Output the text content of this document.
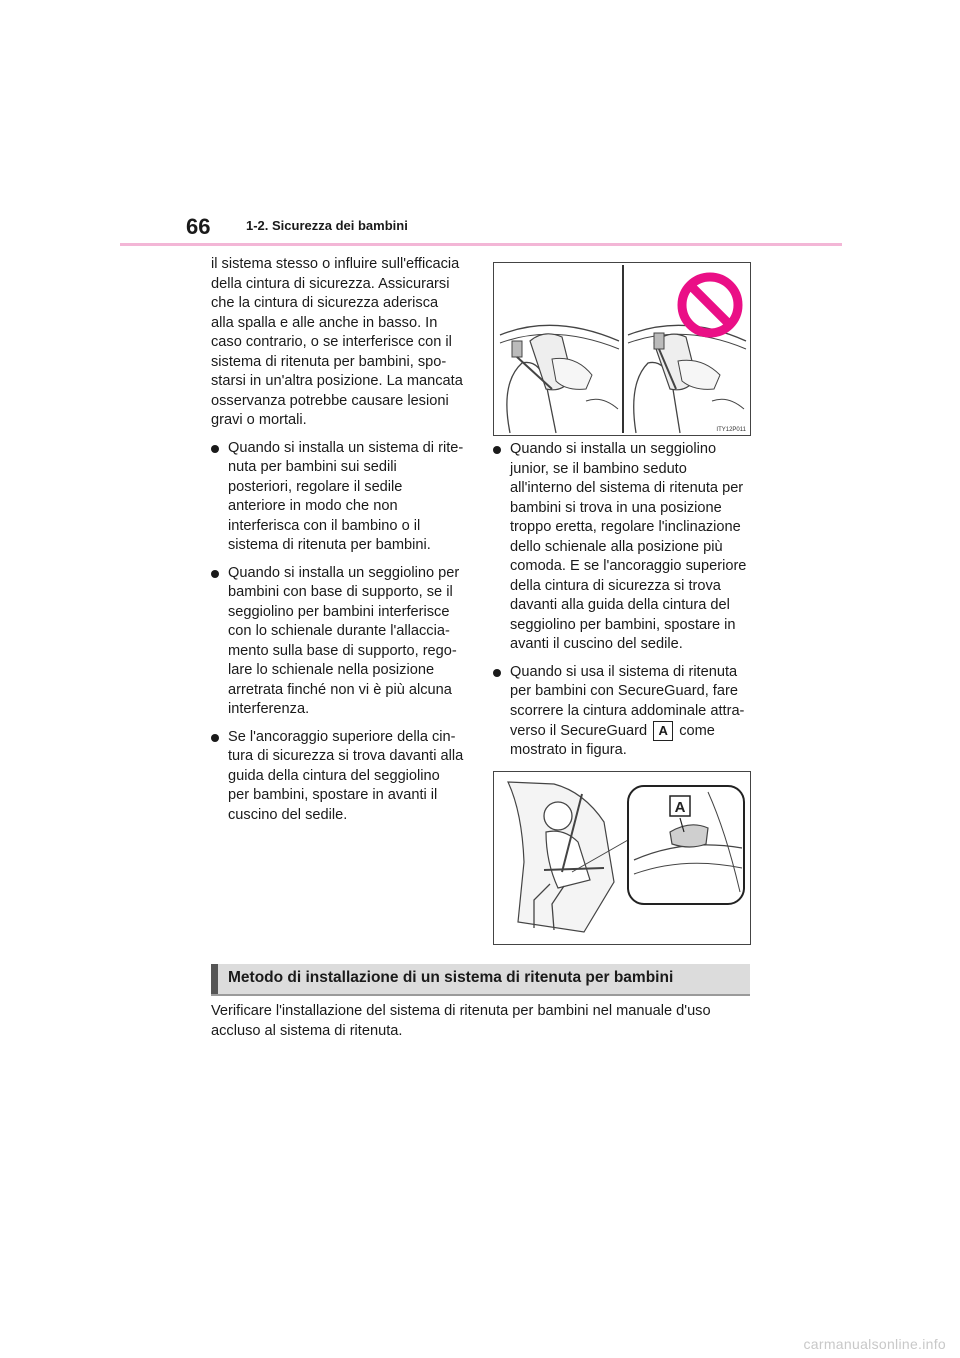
66	1-2. Sicurezza dei bambini

il sistema stesso o influire sull'efficacia della cintura di sicurezza. Assicurarsi che la cintura di sicurezza aderisca alla spalla e alle anche in basso. In caso contrario, o se interferisce con il sistema di ritenuta per bambini, spo-starsi in un'altra posizione. La mancata osservanza potrebbe causare lesioni gravi o mortali.

Quando si installa un sistema di rite-nuta per bambini sui sedili posteriori, regolare il sedile anteriore in modo che non interferisca con il bambino o il sistema di ritenuta per bambini.
Quando si installa un seggiolino per bambini con base di supporto, se il seggiolino per bambini interferisce con lo schienale durante l'allaccia-mento sulla base di supporto, rego-lare lo schienale nella posizione arretrata finché non vi è più alcuna interferenza.
Se l'ancoraggio superiore della cin-tura di sicurezza si trova davanti alla guida della cintura del seggiolino per bambini, spostare in avanti il cuscino del sedile.
ITY12P011
Quando si installa un seggiolino junior, se il bambino seduto all'interno del sistema di ritenuta per bambini si trova in una posizione troppo eretta, regolare l'inclinazione dello schienale alla posizione più comoda. E se l'ancoraggio superiore della cintura di sicurezza si trova davanti alla guida della cintura del seggiolino per bambini, spostare in avanti il cuscino del sedile.
Quando si usa il sistema di ritenuta per bambini con SecureGuard, fare scorrere la cintura addominale attra-verso il SecureGuard A come mostrato in figura.
A
Metodo di installazione di un sistema di ritenuta per bambini
Verificare l'installazione del sistema di ritenuta per bambini nel manuale d'uso accluso al sistema di ritenuta.
carmanualsonline.info
